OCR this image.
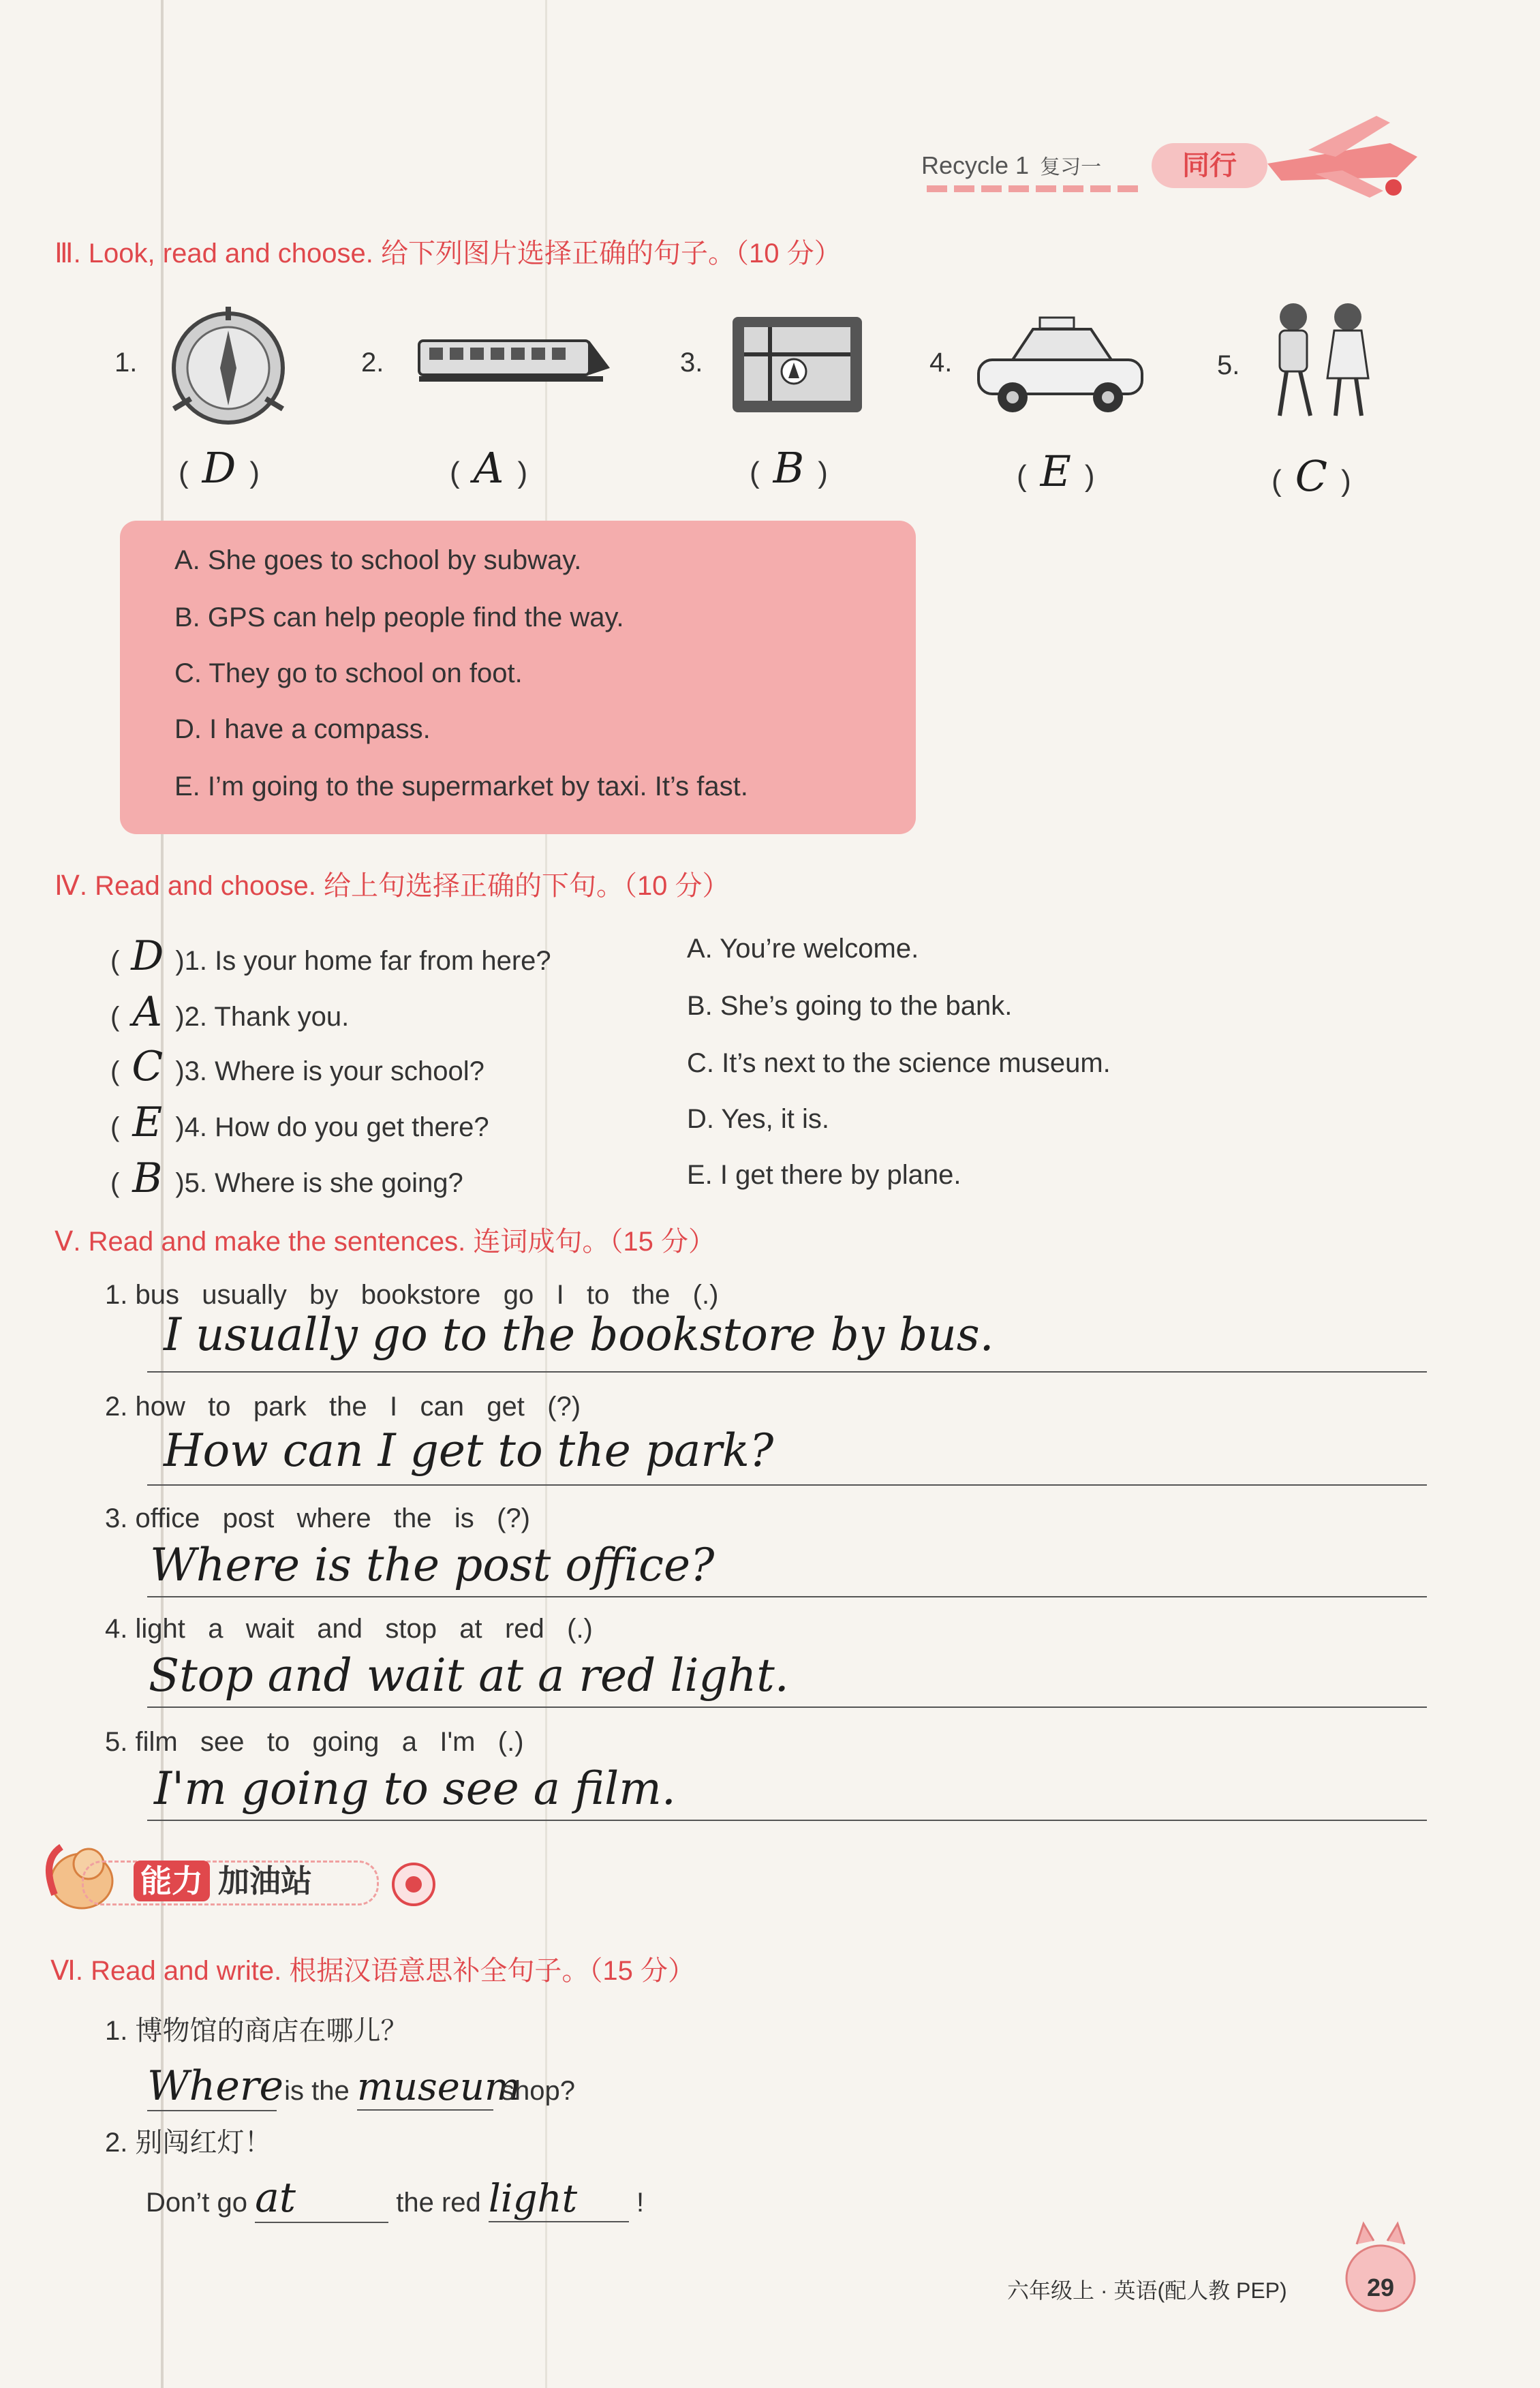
Recycle 1 复习一	同行
Ⅲ. Look, read and choose. 给下列图片选择正确的句子。（10 分）
1.	2.	3.	4.	5.
( D )	( A )	( B )	( E )	( C )
A. She goes to school by subway.
B. GPS can help people find the way.
C. They go to school on foot.
D. I have a compass.
E. I’m going to the supermarket by taxi. It’s fast.
Ⅳ. Read and choose. 给上句选择正确的下句。（10 分）
( D )1. Is your home far from here?
( A )2. Thank you.
( C )3. Where is your school?
( E )4. How do you get there?
( B )5. Where is she going?
A. You’re welcome.
B. She’s going to the bank.
C. It’s next to the science museum.
D. Yes, it is.
E. I get there by plane.
Ⅴ. Read and make the sentences. 连词成句。（15 分）
1. bus   usually   by   bookstore   go   I   to   the   (.)
I usually go to the bookstore by bus.
2. how   to   park   the   I   can   get   (?)
How can I get to the park?
3. office   post   where   the   is   (?)
Where is the post office?
4. light   a   wait   and   stop   at   red   (.)
Stop and wait at a red light.
5. film   see   to   going   a   I'm   (.)
I'm going to see a film.
能力 加油站
Ⅵ. Read and write. 根据汉语意思补全句子。（15 分）
1. 博物馆的商店在哪儿？
Where is the museum shop?
2. 别闯红灯！
Don’t go at	the red light !
六年级上 · 英语(配人教 PEP)	29
